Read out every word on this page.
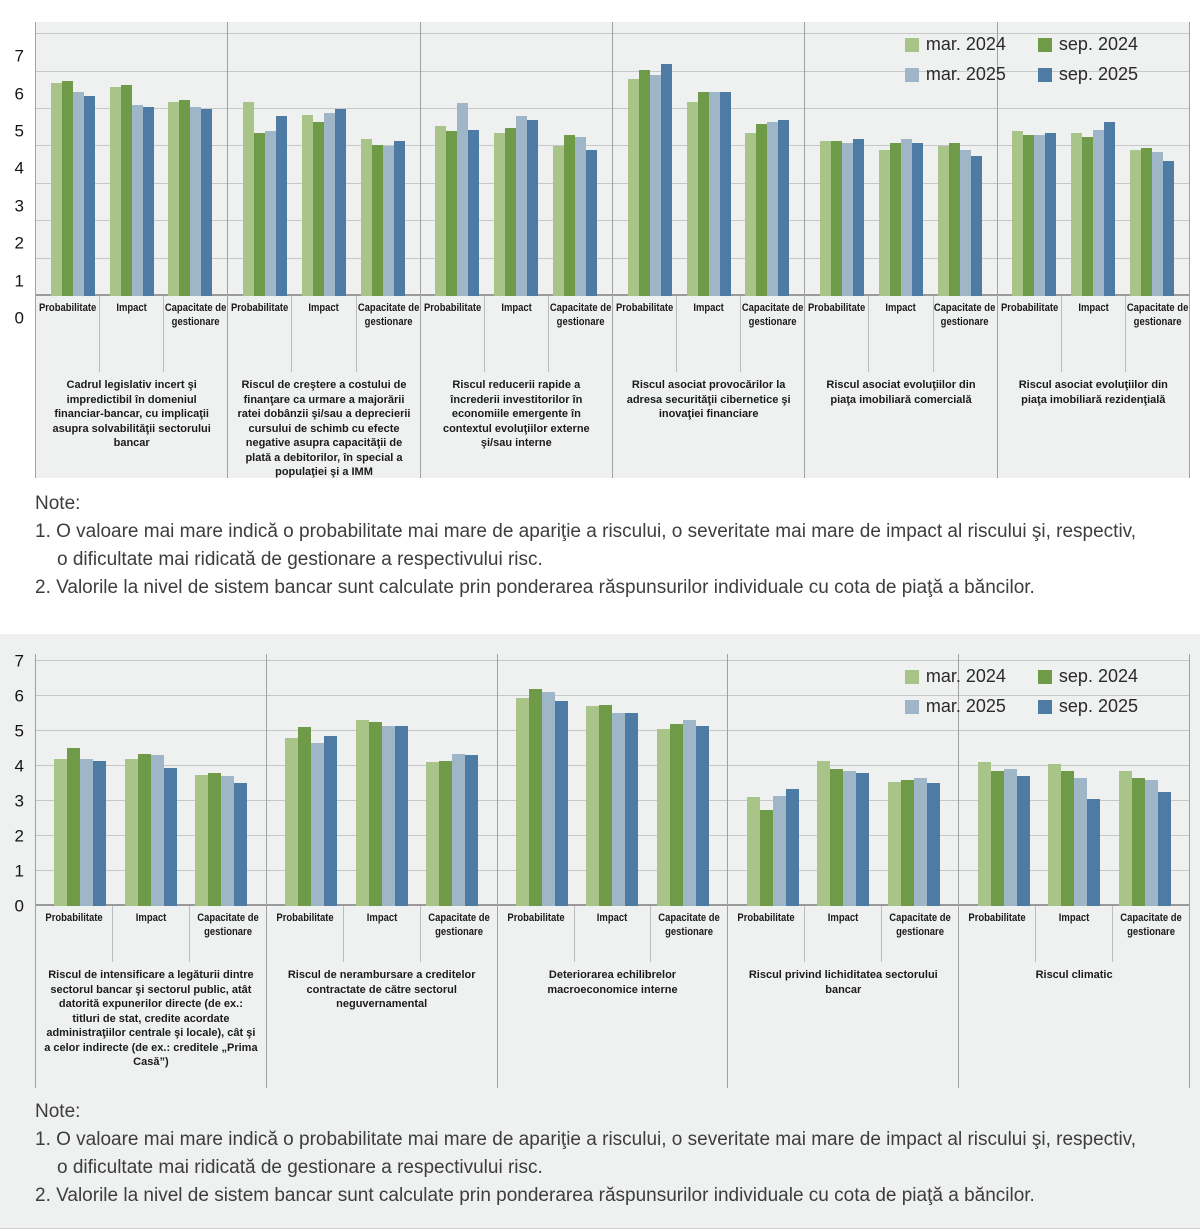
7
6
5
4
3
2
1
0
Probabilitate	Impact	Capacitate de gestionare
Cadrul legislativ incert şi impredictibil în domeniul financiar-bancar, cu implicaţii asupra solvabilităţii sectorului bancar
Probabilitate	Impact	Capacitate de gestionare
Riscul de creştere a costului de finanţare ca urmare a majorării ratei dobânzii şi/sau a deprecierii cursului de schimb cu efecte negative asupra capacităţii de plată a debitorilor, în special a populaţiei şi a IMM
Probabilitate	Impact	Capacitate de gestionare
Riscul reducerii rapide a încrederii investitorilor în economiile emergente în contextul evoluţiilor externe şi/sau interne
Probabilitate	Impact	Capacitate de gestionare
Riscul asociat provocărilor la adresa securităţii cibernetice şi inovaţiei financiare
Probabilitate	Impact	Capacitate de gestionare
Riscul asociat evoluţiilor din piaţa imobiliară comercială
Probabilitate	Impact	Capacitate de gestionare
Riscul asociat evoluţiilor din piaţa imobiliară rezidenţială
mar. 2024	sep. 2024
mar. 2025	sep. 2025
Note:
1. O valoare mai mare indică o probabilitate mai mare de apariţie a riscului, o severitate mai mare de impact al riscului şi, respectiv,
o dificultate mai ridicată de gestionare a respectivului risc.
2. Valorile la nivel de sistem bancar sunt calculate prin ponderarea răspunsurilor individuale cu cota de piaţă a băncilor.
7
6
5
4
3
2
1
0
Probabilitate	Impact	Capacitate de gestionare
Riscul de intensificare a legăturii dintre sectorul bancar şi sectorul public, atât datorită expunerilor directe (de ex.: titluri de stat, credite acordate administraţiilor centrale şi locale), cât şi a celor indirecte (de ex.: creditele „Prima Casă”)
Probabilitate	Impact	Capacitate de gestionare
Riscul de nerambursare a creditelor contractate de către sectorul neguvernamental
Probabilitate	Impact	Capacitate de gestionare
Deteriorarea echilibrelor macroeconomice interne
Probabilitate	Impact	Capacitate de gestionare
Riscul privind lichiditatea sectorului bancar
Probabilitate	Impact	Capacitate de gestionare
Riscul climatic
mar. 2024	sep. 2024
mar. 2025	sep. 2025
Note:
1. O valoare mai mare indică o probabilitate mai mare de apariţie a riscului, o severitate mai mare de impact al riscului şi, respectiv,
o dificultate mai ridicată de gestionare a respectivului risc.
2. Valorile la nivel de sistem bancar sunt calculate prin ponderarea răspunsurilor individuale cu cota de piaţă a băncilor.
